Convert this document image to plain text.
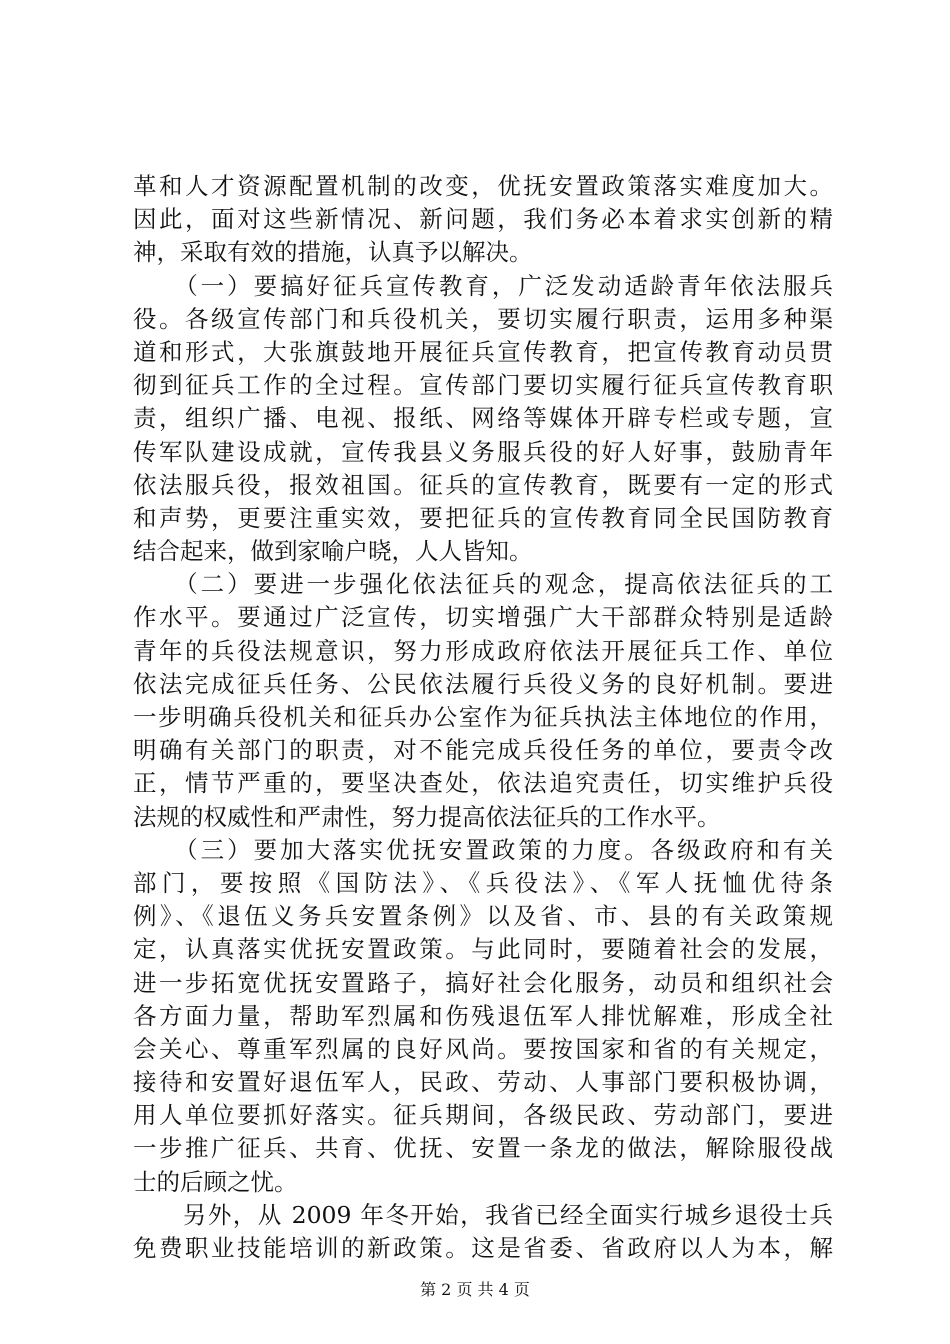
革和人才资源配置机制的改变，优抚安置政策落实难度加大。
因此，面对这些新情况、新问题，我们务必本着求实创新的精
神，采取有效的措施，认真予以解决。
　　（一）要搞好征兵宣传教育，广泛发动适龄青年依法服兵
役。各级宣传部门和兵役机关，要切实履行职责，运用多种渠
道和形式，大张旗鼓地开展征兵宣传教育，把宣传教育动员贯
彻到征兵工作的全过程。宣传部门要切实履行征兵宣传教育职
责，组织广播、电视、报纸、网络等媒体开辟专栏或专题，宣
传军队建设成就，宣传我县义务服兵役的好人好事，鼓励青年
依法服兵役，报效祖国。征兵的宣传教育，既要有一定的形式
和声势，更要注重实效，要把征兵的宣传教育同全民国防教育
结合起来，做到家喻户晓，人人皆知。
　　（二）要进一步强化依法征兵的观念，提高依法征兵的工
作水平。要通过广泛宣传，切实增强广大干部群众特别是适龄
青年的兵役法规意识，努力形成政府依法开展征兵工作、单位
依法完成征兵任务、公民依法履行兵役义务的良好机制。要进
一步明确兵役机关和征兵办公室作为征兵执法主体地位的作用，
明确有关部门的职责，对不能完成兵役任务的单位，要责令改
正，情节严重的，要坚决查处，依法追究责任，切实维护兵役
法规的权威性和严肃性，努力提高依法征兵的工作水平。
　　（三）要加大落实优抚安置政策的力度。各级政府和有关
部门，要按照《国防法》、《兵役法》、《军人抚恤优待条
例》、《退伍义务兵安置条例》以及省、市、县的有关政策规
定，认真落实优抚安置政策。与此同时，要随着社会的发展，
进一步拓宽优抚安置路子，搞好社会化服务，动员和组织社会
各方面力量，帮助军烈属和伤残退伍军人排忧解难，形成全社
会关心、尊重军烈属的良好风尚。要按国家和省的有关规定，
接待和安置好退伍军人，民政、劳动、人事部门要积极协调，
用人单位要抓好落实。征兵期间，各级民政、劳动部门，要进
一步推广征兵、共育、优抚、安置一条龙的做法，解除服役战
士的后顾之忧。
　　另外，从 2009 年冬开始，我省已经全面实行城乡退役士兵
免费职业技能培训的新政策。这是省委、省政府以人为本，解
第 2 页 共 4 页
